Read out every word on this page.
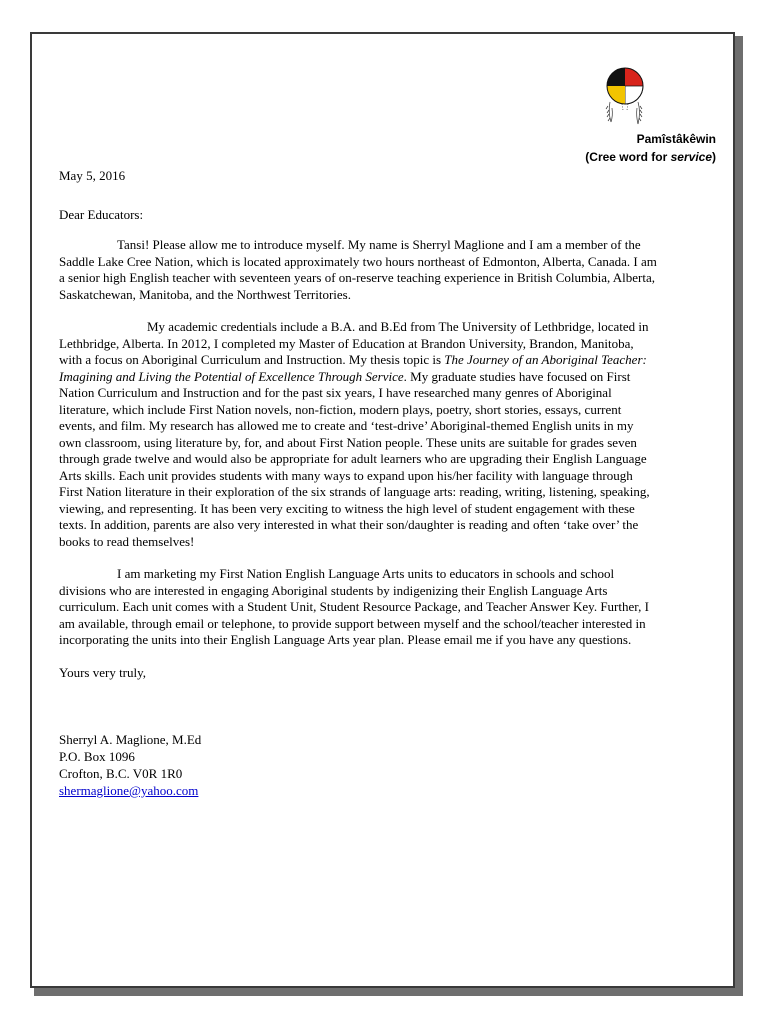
Pamîstâkêwin
(Cree word for service)

May 5, 2016

Dear Educators:

Tansi! Please allow me to introduce myself. My name is Sherryl Maglione and I am a member of the Saddle Lake Cree Nation, which is located approximately two hours northeast of Edmonton, Alberta, Canada. I am a senior high English teacher with seventeen years of on-reserve teaching experience in British Columbia, Alberta, Saskatchewan, Manitoba, and the Northwest Territories.

My academic credentials include a B.A. and B.Ed from The University of Lethbridge, located in Lethbridge, Alberta. In 2012, I completed my Master of Education at Brandon University, Brandon, Manitoba, with a focus on Aboriginal Curriculum and Instruction. My thesis topic is The Journey of an Aboriginal Teacher: Imagining and Living the Potential of Excellence Through Service. My graduate studies have focused on First Nation Curriculum and Instruction and for the past six years, I have researched many genres of Aboriginal literature, which include First Nation novels, non-fiction, modern plays, poetry, short stories, essays, current events, and film. My research has allowed me to create and ‘test-drive’ Aboriginal-themed English units in my own classroom, using literature by, for, and about First Nation people. These units are suitable for grades seven through grade twelve and would also be appropriate for adult learners who are upgrading their English Language Arts skills. Each unit provides students with many ways to expand upon his/her facility with language through First Nation literature in their exploration of the six strands of language arts: reading, writing, listening, speaking, viewing, and representing. It has been very exciting to witness the high level of student engagement with these texts. In addition, parents are also very interested in what their son/daughter is reading and often ‘take over’ the books to read themselves!

I am marketing my First Nation English Language Arts units to educators in schools and school divisions who are interested in engaging Aboriginal students by indigenizing their English Language Arts curriculum. Each unit comes with a Student Unit, Student Resource Package, and Teacher Answer Key. Further, I am available, through email or telephone, to provide support between myself and the school/teacher interested in incorporating the units into their English Language Arts year plan. Please email me if you have any questions.

Yours very truly,

Sherryl A. Maglione, M.Ed

P.O. Box 1096

Crofton, B.C. V0R 1R0

shermaglione@yahoo.com
